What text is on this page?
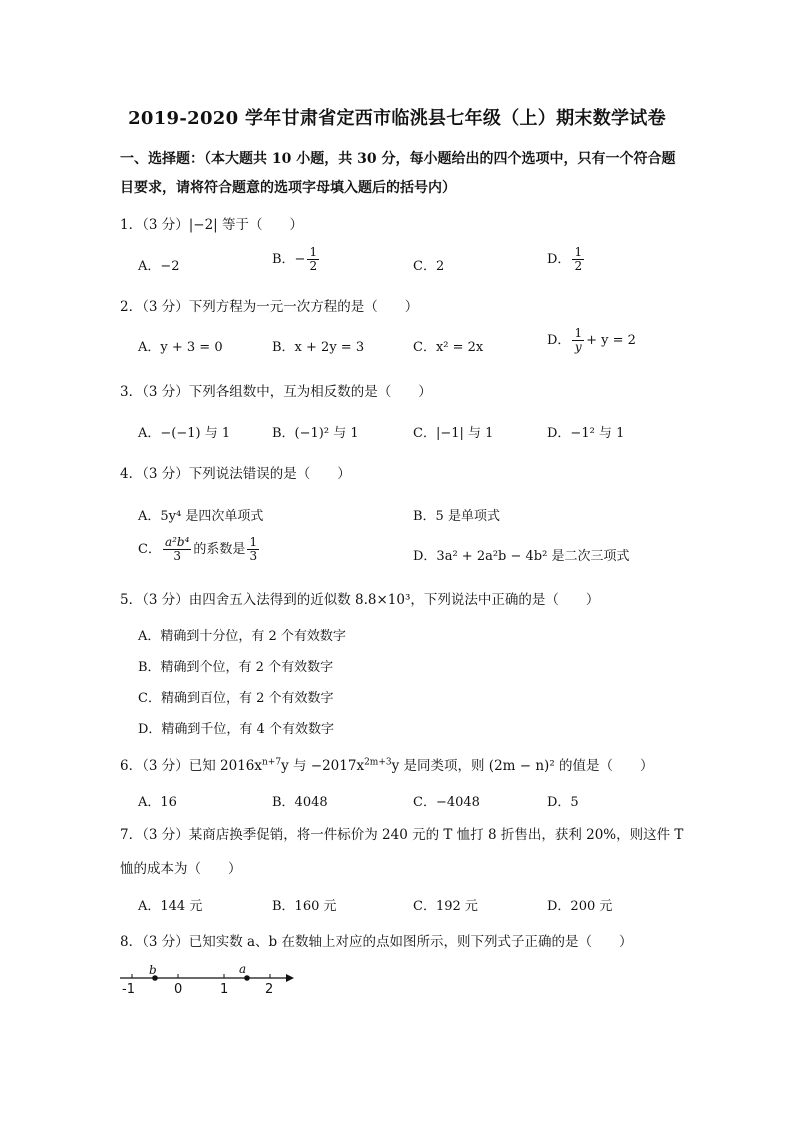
2019-2020 学年甘肃省定西市临洮县七年级（上）期末数学试卷
一、选择题：（本大题共 10 小题，共 30 分，每小题给出的四个选项中，只有一个符合题
目要求，请将符合题意的选项字母填入题后的括号内）
1．（3 分）|−2| 等于（　　）
A．−2	B．− $\frac{1}{2}$	C．2	D． $\frac{1}{2}$
2．（3 分）下列方程为一元一次方程的是（　　）
A．y + 3 = 0	B．x + 2y = 3	C．x² = 2x	D． $\frac{1}{y} + y = 2$
3．（3 分）下列各组数中，互为相反数的是（　　）
A．−(−1) 与 1	B．(−1)² 与 1	C．|−1| 与 1	D．−1² 与 1
4．（3 分）下列说法错误的是（　　）
A．5y⁴ 是四次单项式	B．5 是单项式
C． $\frac{\text{a²b⁴}}{3}$ 的系数是 $\frac{1}{3}$	D．3a² + 2a²b − 4b² 是二次三项式
5．（3 分）由四舍五入法得到的近似数 8.8×10³，下列说法中正确的是（　　）
A．精确到十分位，有 2 个有效数字
B．精确到个位，有 2 个有效数字
C．精确到百位，有 2 个有效数字
D．精确到千位，有 4 个有效数字
6．（3 分）已知 $2016x^{n+7}y$ 与 $-2017x^{2m+3}y$ 是同类项，则 (2m − n)² 的值是（　　）
A．16	B．4048	C．−4048	D．5
7．（3 分）某商店换季促销，将一件标价为 240 元的 T 恤打 8 折售出，获利 20%，则这件 T
恤的成本为（　　）
A．144 元	B．160 元	C．192 元	D．200 元
8．（3 分）已知实数 a、b 在数轴上对应的点如图所示，则下列式子正确的是（　　）
-1	0	1	2
b	a
